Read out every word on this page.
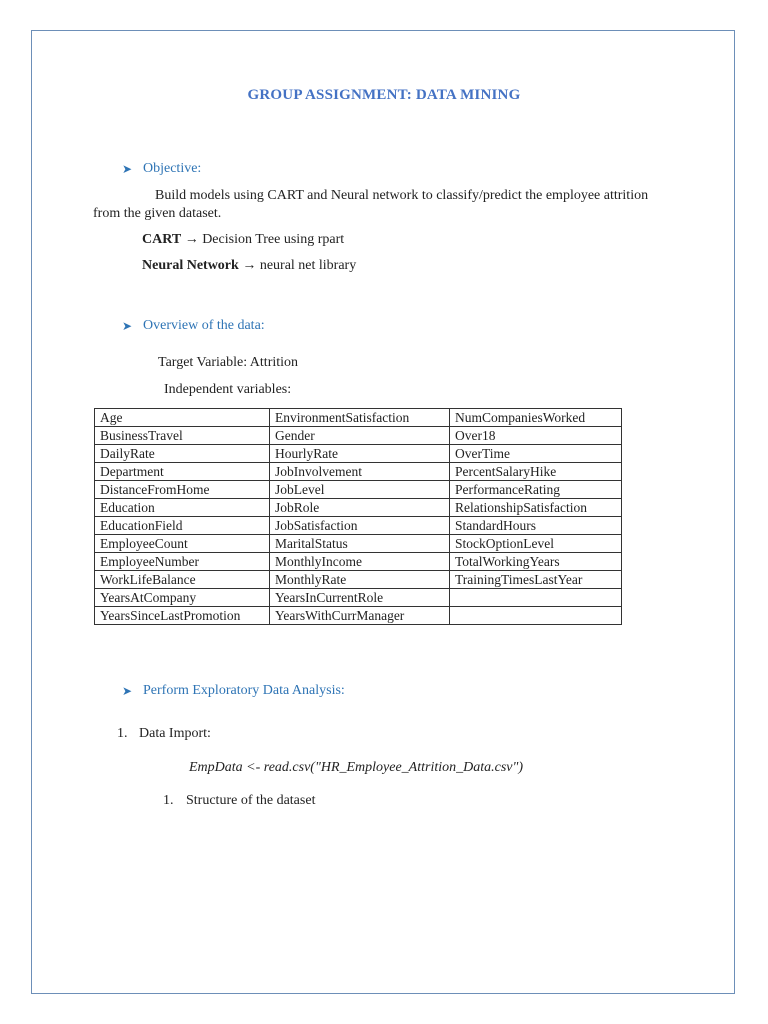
GROUP ASSIGNMENT: DATA MINING
➤ Objective:
Build models using CART and Neural network to classify/predict the employee attrition from the given dataset.
CART → Decision Tree using rpart
Neural Network → neural net library
➤ Overview of the data:
Target Variable: Attrition
Independent variables:
Age	EnvironmentSatisfaction	NumCompaniesWorked
BusinessTravel	Gender	Over18
DailyRate	HourlyRate	OverTime
Department	JobInvolvement	PercentSalaryHike
DistanceFromHome	JobLevel	PerformanceRating
Education	JobRole	RelationshipSatisfaction
EducationField	JobSatisfaction	StandardHours
EmployeeCount	MaritalStatus	StockOptionLevel
EmployeeNumber	MonthlyIncome	TotalWorkingYears
WorkLifeBalance	MonthlyRate	TrainingTimesLastYear
YearsAtCompany	YearsInCurrentRole	
YearsSinceLastPromotion	YearsWithCurrManager	
➤ Perform Exploratory Data Analysis:
1. Data Import:
EmpData <- read.csv("HR_Employee_Attrition_Data.csv")
1. Structure of the dataset
